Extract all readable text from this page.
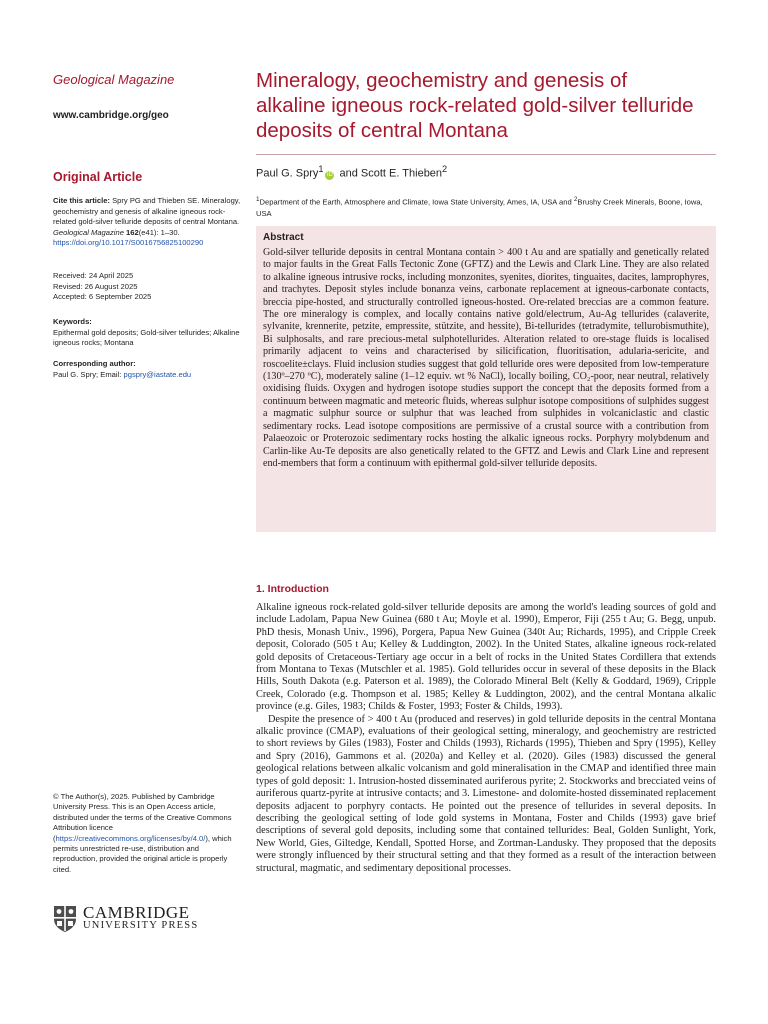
Geological Magazine
www.cambridge.org/geo
Original Article
Cite this article: Spry PG and Thieben SE. Mineralogy, geochemistry and genesis of alkaline igneous rock-related gold-silver telluride deposits of central Montana. Geological Magazine 162(e41): 1–30. https://doi.org/10.1017/S0016756825100290
Received: 24 April 2025
Revised: 26 August 2025
Accepted: 6 September 2025
Keywords:
Epithermal gold deposits; Gold-silver tellurides; Alkaline igneous rocks; Montana
Corresponding author:
Paul G. Spry; Email: pgspry@iastate.edu
© The Author(s), 2025. Published by Cambridge University Press. This is an Open Access article, distributed under the terms of the Creative Commons Attribution licence (https://creativecommons.org/licenses/by/4.0/), which permits unrestricted re-use, distribution and reproduction, provided the original article is properly cited.
CAMBRIDGE
UNIVERSITY PRESS
Mineralogy, geochemistry and genesis of alkaline igneous rock-related gold-silver telluride deposits of central Montana
Paul G. Spry$^1$iD and Scott E. Thieben$^2$
$^1$Department of the Earth, Atmosphere and Climate, Iowa State University, Ames, IA, USA and $^2$Brushy Creek Minerals, Boone, Iowa, USA
Abstract
Gold-silver telluride deposits in central Montana contain > 400 t Au and are spatially and genetically related to major faults in the Great Falls Tectonic Zone (GFTZ) and the Lewis and Clark Line. They are also related to alkaline igneous intrusive rocks, including monzonites, syenites, diorites, tinguaites, dacites, lamprophyres, and trachytes. Deposit styles include bonanza veins, carbonate replacement at igneous-carbonate contacts, breccia pipe-hosted, and structurally controlled igneous-hosted. Ore-related breccias are a common feature. The ore mineralogy is complex, and locally contains native gold/electrum, Au-Ag tellurides (calaverite, sylvanite, krennerite, petzite, empressite, stützite, and hessite), Bi-tellurides (tetradymite, tellurobismuthite), Bi sulphosalts, and rare precious-metal sulphotellurides. Alteration related to ore-stage fluids is localised primarily adjacent to veins and characterised by silicification, fluoritisation, adularia-sericite, and roscoelite±clays. Fluid inclusion studies suggest that gold telluride ores were deposited from low-temperature (130º–270 ºC), moderately saline (1–12 equiv. wt % NaCl), locally boiling, CO₂-poor, near neutral, relatively oxidising fluids. Oxygen and hydrogen isotope studies support the concept that the deposits formed from a continuum between magmatic and meteoric fluids, whereas sulphur isotope compositions of sulphides suggest a magmatic sulphur source or sulphur that was leached from sulphides in volcaniclastic and clastic sedimentary rocks. Lead isotope compositions are permissive of a crustal source with a contribution from Palaeozoic or Proterozoic sedimentary rocks hosting the alkalic igneous rocks. Porphyry molybdenum and Carlin-like Au-Te deposits are also genetically related to the GFTZ and Lewis and Clark Line and represent end-members that form a continuum with epithermal gold-silver telluride deposits.
1. Introduction

Alkaline igneous rock-related gold-silver telluride deposits are among the world's leading sources of gold and include Ladolam, Papua New Guinea (680 t Au; Moyle et al. 1990), Emperor, Fiji (255 t Au; G. Begg, unpub. PhD thesis, Monash Univ., 1996), Porgera, Papua New Guinea (340t Au; Richards, 1995), and Cripple Creek deposit, Colorado (505 t Au; Kelley & Luddington, 2002). In the United States, alkaline igneous rock-related gold deposits of Cretaceous-Tertiary age occur in a belt of rocks in the United States Cordillera that extends from Montana to Texas (Mutschler et al. 1985). Gold tellurides occur in several of these deposits in the Black Hills, South Dakota (e.g. Paterson et al. 1989), the Colorado Mineral Belt (Kelly & Goddard, 1969), Cripple Creek, Colorado (e.g. Thompson et al. 1985; Kelley & Luddington, 2002), and the central Montana alkalic province (e.g. Giles, 1983; Childs & Foster, 1993; Foster & Childs, 1993).

Despite the presence of > 400 t Au (produced and reserves) in gold telluride deposits in the central Montana alkalic province (CMAP), evaluations of their geological setting, mineralogy, and geochemistry are restricted to short reviews by Giles (1983), Foster and Childs (1993), Richards (1995), Thieben and Spry (1995), Kelley and Spry (2016), Gammons et al. (2020a) and Kelley et al. (2020). Giles (1983) discussed the general geological relations between alkalic volcanism and gold mineralisation in the CMAP and identified three main types of gold deposit: 1. Intrusion-hosted disseminated auriferous pyrite; 2. Stockworks and brecciated veins of auriferous quartz-pyrite at intrusive contacts; and 3. Limestone- and dolomite-hosted disseminated replacement deposits adjacent to porphyry contacts. He pointed out the presence of tellurides in several deposits. In describing the geological setting of lode gold systems in Montana, Foster and Childs (1993) gave brief descriptions of several gold deposits, including some that contained tellurides: Beal, Golden Sunlight, York, New World, Gies, Giltedge, Kendall, Spotted Horse, and Zortman-Landusky. They proposed that the deposits were strongly influenced by their structural setting and that they formed as a result of the interaction between structural, magmatic, and sedimentary depositional processes.
